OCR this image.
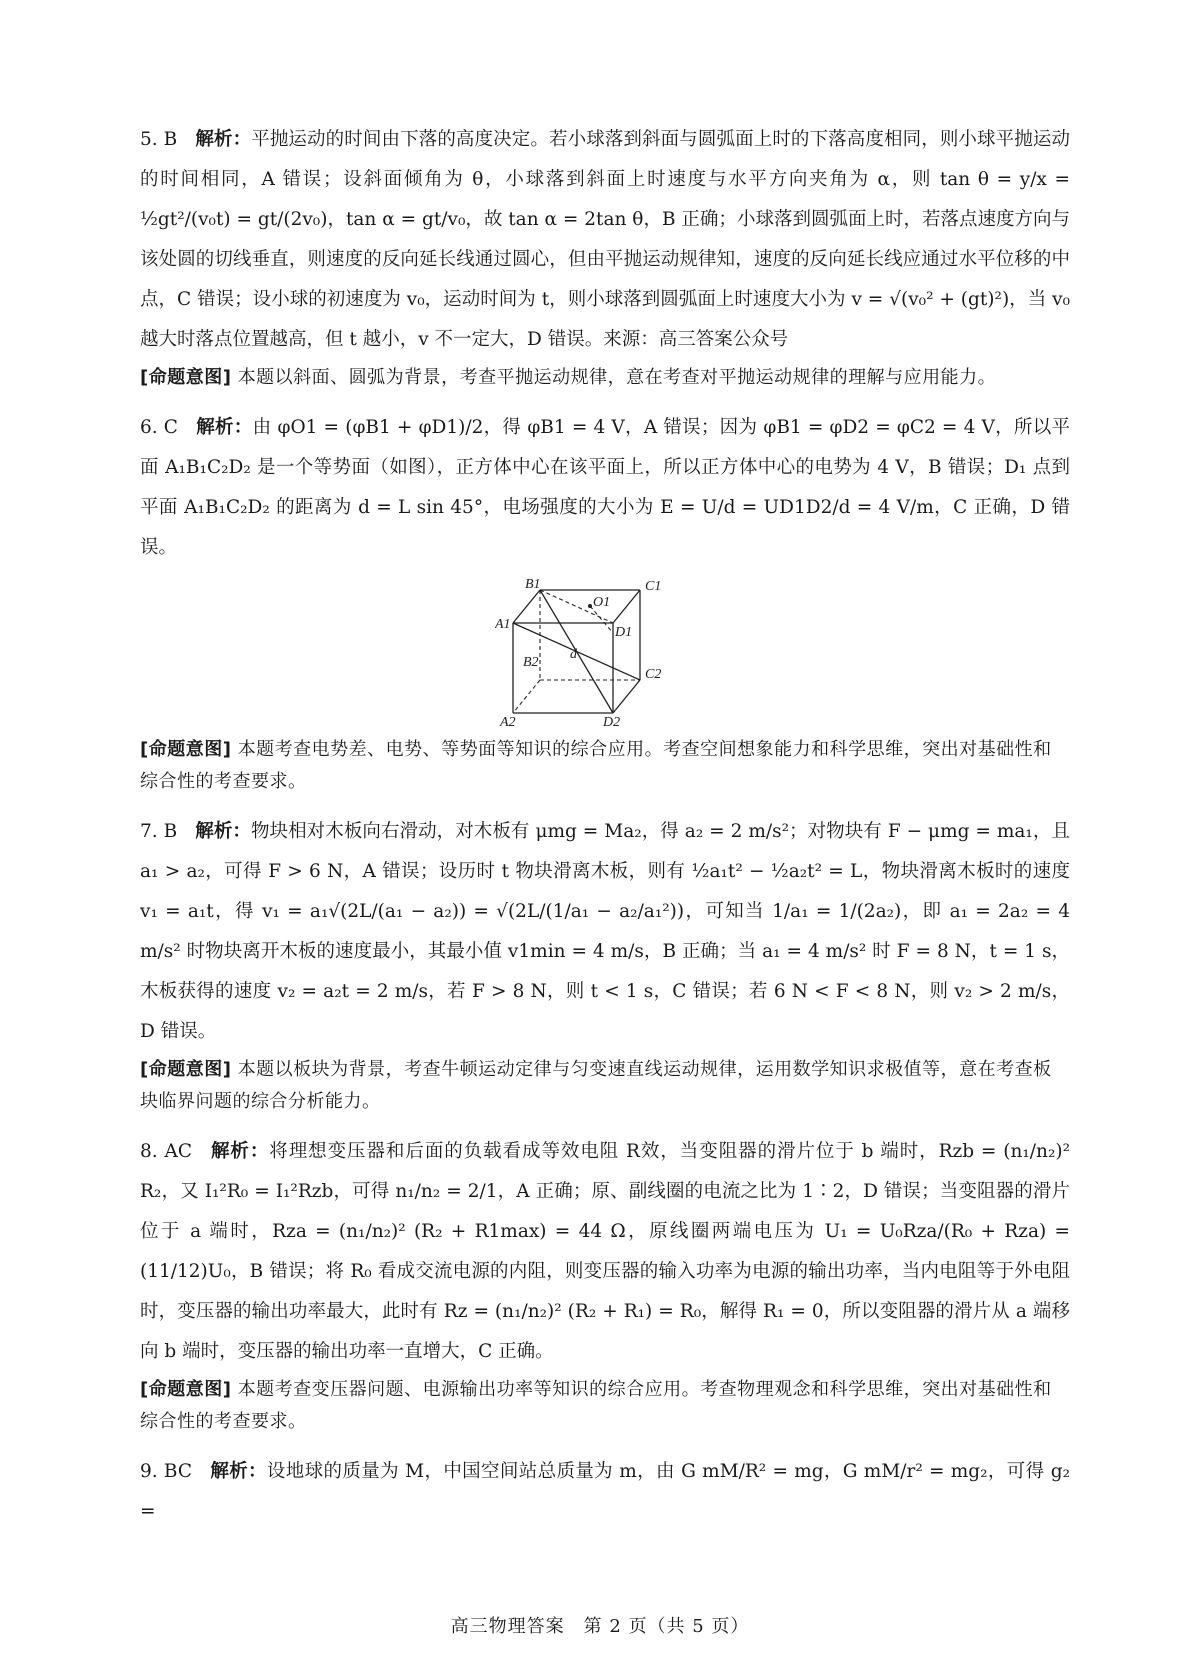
5. B 解析：平抛运动的时间由下落的高度决定。若小球落到斜面与圆弧面上时的下落高度相同，则小球平抛运动的时间相同，A 错误；设斜面倾角为 θ，小球落到斜面上时速度与水平方向夹角为 α，则 tan θ = y/x = ½gt²/(v₀t) = gt/(2v₀)，tan α = gt/v₀，故 tan α = 2tan θ，B 正确；小球落到圆弧面上时，若落点速度方向与该处圆的切线垂直，则速度的反向延长线通过圆心，但由平抛运动规律知，速度的反向延长线应通过水平位移的中点，C 错误；设小球的初速度为 v₀，运动时间为 t，则小球落到圆弧面上时速度大小为 v = √(v₀² + (gt)²)，当 v₀ 越大时落点位置越高，但 t 越小，v 不一定大，D 错误。来源：高三答案公众号

[命题意图] 本题以斜面、圆弧为背景，考查平抛运动规律，意在考查对平抛运动规律的理解与应用能力。

6. C 解析：由 φO1 = (φB1 + φD1)/2，得 φB1 = 4 V，A 错误；因为 φB1 = φD2 = φC2 = 4 V，所以平面 A₁B₁C₂D₂ 是一个等势面（如图），正方体中心在该平面上，所以正方体中心的电势为 4 V，B 错误；D₁ 点到平面 A₁B₁C₂D₂ 的距离为 d = L sin 45°，电场强度的大小为 E = U/d = UD1D2/d = 4 V/m，C 正确，D 错误。

B1	C1
O1
A1
D1
B2
d
C2
A2	D2
[命题意图] 本题考查电势差、电势、等势面等知识的综合应用。考查空间想象能力和科学思维，突出对基础性和综合性的考查要求。

7. B 解析：物块相对木板向右滑动，对木板有 μmg = Ma₂，得 a₂ = 2 m/s²；对物块有 F − μmg = ma₁，且 a₁ > a₂，可得 F > 6 N，A 错误；设历时 t 物块滑离木板，则有 ½a₁t² − ½a₂t² = L，物块滑离木板时的速度 v₁ = a₁t，得 v₁ = a₁√(2L/(a₁ − a₂)) = √(2L/(1/a₁ − a₂/a₁²))，可知当 1/a₁ = 1/(2a₂)，即 a₁ = 2a₂ = 4 m/s² 时物块离开木板的速度最小，其最小值 v1min = 4 m/s，B 正确；当 a₁ = 4 m/s² 时 F = 8 N，t = 1 s，木板获得的速度 v₂ = a₂t = 2 m/s，若 F > 8 N，则 t < 1 s，C 错误；若 6 N < F < 8 N，则 v₂ > 2 m/s，D 错误。

[命题意图] 本题以板块为背景，考查牛顿运动定律与匀变速直线运动规律，运用数学知识求极值等，意在考查板块临界问题的综合分析能力。

8. AC 解析：将理想变压器和后面的负载看成等效电阻 R效，当变阻器的滑片位于 b 端时，Rzb = (n₁/n₂)² R₂，又 I₁²R₀ = I₁²Rzb，可得 n₁/n₂ = 2/1，A 正确；原、副线圈的电流之比为 1∶2，D 错误；当变阻器的滑片位于 a 端时，Rza = (n₁/n₂)² (R₂ + R1max) = 44 Ω，原线圈两端电压为 U₁ = U₀Rza/(R₀ + Rza) = (11/12)U₀，B 错误；将 R₀ 看成交流电源的内阻，则变压器的输入功率为电源的输出功率，当内电阻等于外电阻时，变压器的输出功率最大，此时有 Rz = (n₁/n₂)² (R₂ + R₁) = R₀，解得 R₁ = 0，所以变阻器的滑片从 a 端移向 b 端时，变压器的输出功率一直增大，C 正确。

[命题意图] 本题考查变压器问题、电源输出功率等知识的综合应用。考查物理观念和科学思维，突出对基础性和综合性的考查要求。

9. BC 解析：设地球的质量为 M，中国空间站总质量为 m，由 G mM/R² = mg，G mM/r² = mg₂，可得 g₂ =

高三物理答案　第 2 页（共 5 页）
